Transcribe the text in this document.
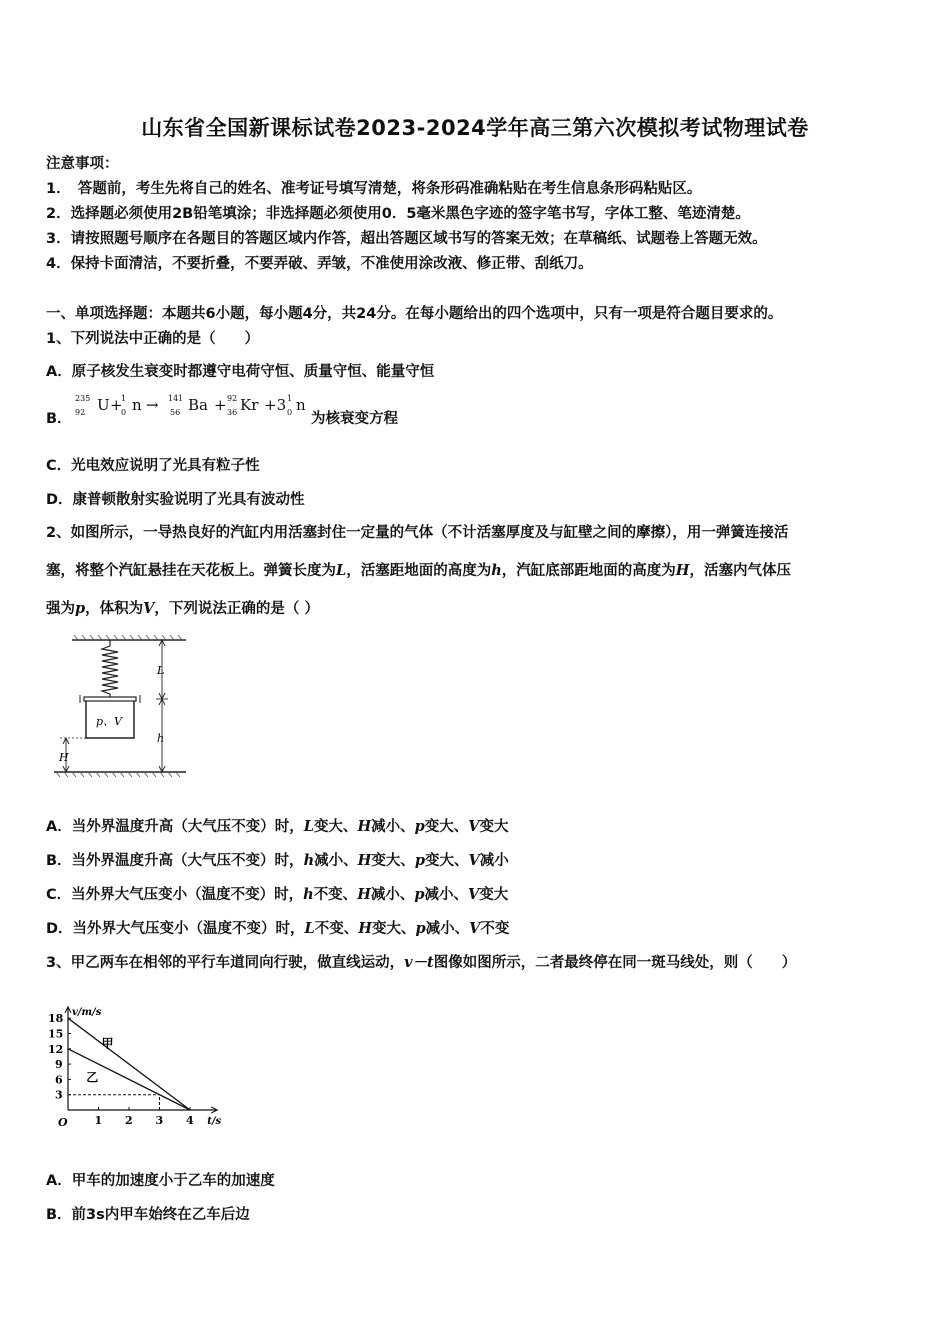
山东省全国新课标试卷2023-2024学年高三第六次模拟考试物理试卷
注意事项：
1．　答题前，考生先将自己的姓名、准考证号填写清楚，将条形码准确粘贴在考生信息条形码粘贴区。
2．选择题必须使用2B铅笔填涂；非选择题必须使用0．5毫米黑色字迹的签字笔书写，字体工整、笔迹清楚。
3．请按照题号顺序在各题目的答题区域内作答，超出答题区域书写的答案无效；在草稿纸、试题卷上答题无效。
4．保持卡面清洁，不要折叠，不要弄破、弄皱，不准使用涂改液、修正带、刮纸刀。
一、单项选择题：本题共6小题，每小题4分，共24分。在每小题给出的四个选项中，只有一项是符合题目要求的。
1、下列说法中正确的是（　　）
A．原子核发生衰变时都遵守电荷守恒、质量守恒、能量守恒
B．
235
92 U +
1
0 n → 141
56 Ba + 92
36 Kr +3 1
0 n
为核衰变方程
C．光电效应说明了光具有粒子性
D．康普顿散射实验说明了光具有波动性
2、如图所示，一导热良好的汽缸内用活塞封住一定量的气体（不计活塞厚度及与缸壁之间的摩擦），用一弹簧连接活
塞，将整个汽缸悬挂在天花板上。弹簧长度为L，活塞距地面的高度为h，汽缸底部距地面的高度为H，活塞内气体压
强为p，体积为V，下列说法正确的是（ ）
p、V
L
h
H
A．当外界温度升高（大气压不变）时，L变大、H减小、p变大、V变大
B．当外界温度升高（大气压不变）时，h减小、H变大、p变大、V减小
C．当外界大气压变小（温度不变）时，h不变、H减小、p减小、V变大
D．当外界大气压变小（温度不变）时，L不变、H变大、p减小、V不变
3、甲乙两车在相邻的平行车道同向行驶，做直线运动，v－t图像如图所示，二者最终停在同一斑马线处，则（　　）
v/m/s
t/s
O 1 2 3 4
3
6
9
12
15
18
甲
乙
A．甲车的加速度小于乙车的加速度
B．前3s内甲车始终在乙车后边
